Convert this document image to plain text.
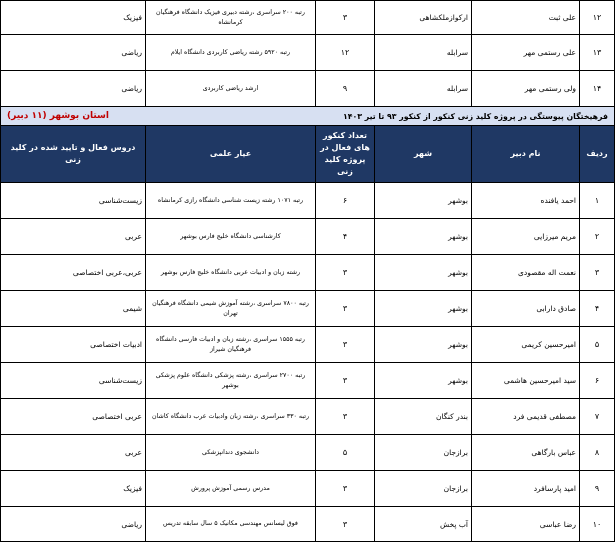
۱۲	علی ثبت	ارکوازملکشاهی	۳	رتبه ۲۰۰ سراسری ،رشته دبیری فیزیک دانشگاه فرهنگیان کرمانشاه	فیزیک
۱۳	علی رستمی مهر	سرابله	۱۲	رتبه ۵۹۲۰ رشته ریاضی کاربردی دانشگاه ایلام	ریاضی
۱۴	ولی رستمی مهر	سرابله	۹	ارشد ریاضی کاربردی	ریاضی

فرهیختگان پیوستگی در پروژه کلید زنی کنکور از کنکور ۹۳ تا تیر ۱۴۰۳
استان بوشهر (۱۱ دبیر)					

ردیف	نام دبیر	شهر	تعداد کنکور های فعال در پروژه کلید زنی	عیار علمی	دروس فعال و تایید شده در کلید زنی
۱	احمد یافنده	بوشهر	۶	رتبه ۱۰۷۱ رشته زیست شناسی دانشگاه رازی کرمانشاه	زیست‌شناسی
۲	مریم میرزایی	بوشهر	۴	کارشناسی دانشگاه خلیج فارس بوشهر	عربی
۳	نعمت اله مقصودی	بوشهر	۳	رشته زبان و ادبیات عربی دانشگاه خلیج فارس بوشهر	عربی،عربی اختصاصی
۴	صادق دارابی	بوشهر	۳	رتبه ۷۸۰۰ سراسری ،رشته آموزش شیمی دانشگاه فرهنگیان تهران	شیمی
۵	امیرحسین کریمی	بوشهر	۳	رتبه ۱۵۵۵ سراسری ،رشته زبان و ادبیات فارسی دانشگاه فرهنگیان شیراز	ادبیات اختصاصی
۶	سید امیرحسین هاشمی	بوشهر	۳	رتبه ۲۷۰۰ سراسری ،رشته پزشکی دانشگاه علوم پزشکی بوشهر	زیست‌شناسی
۷	مصطفی قدیمی فرد	بندر کنگان	۳	رتبه ۳۳۰ سراسری ،رشته زبان وادبیات عرب دانشگاه کاشان	عربی اختصاصی
۸	عباس بارگاهی	برازجان	۵	دانشجوی دندانپزشکی	عربی
۹	امید پارسافرد	برازجان	۳	مدرس رسمی آموزش پرورش	فیزیک
۱۰	رضا عباسی	آب پخش	۳	فوق لیسانس مهندسی مکانیک ۵ سال سابقه تدریس	ریاضی
